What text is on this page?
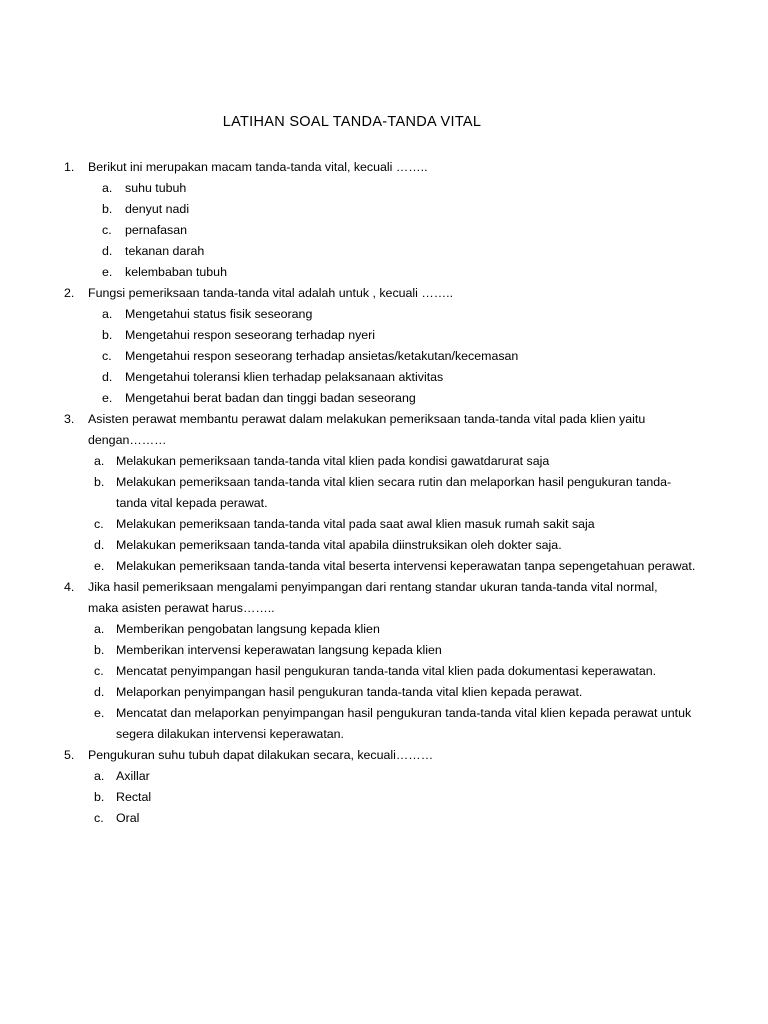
LATIHAN SOAL TANDA-TANDA VITAL
1. Berikut ini merupakan macam tanda-tanda vital, kecuali ……..
a. suhu tubuh
b. denyut nadi
c. pernafasan
d. tekanan darah
e. kelembaban tubuh
2. Fungsi pemeriksaan tanda-tanda vital adalah untuk , kecuali ……..
a. Mengetahui status fisik seseorang
b. Mengetahui respon seseorang terhadap nyeri
c. Mengetahui respon seseorang terhadap ansietas/ketakutan/kecemasan
d. Mengetahui toleransi klien terhadap pelaksanaan aktivitas
e. Mengetahui berat badan dan tinggi badan seseorang
3. Asisten perawat membantu perawat dalam melakukan pemeriksaan tanda-tanda vital pada klien yaitu dengan………
a. Melakukan pemeriksaan tanda-tanda vital klien pada kondisi gawatdarurat saja
b. Melakukan pemeriksaan tanda-tanda vital klien secara rutin dan melaporkan hasil pengukuran tanda-tanda vital kepada perawat.
c. Melakukan pemeriksaan tanda-tanda vital pada saat awal klien masuk rumah sakit saja
d. Melakukan pemeriksaan tanda-tanda vital apabila diinstruksikan oleh dokter saja.
e. Melakukan pemeriksaan tanda-tanda vital beserta intervensi keperawatan tanpa sepengetahuan perawat.
4. Jika hasil pemeriksaan mengalami penyimpangan dari rentang standar ukuran tanda-tanda vital normal, maka asisten perawat harus……..
a. Memberikan pengobatan langsung kepada klien
b. Memberikan intervensi keperawatan langsung kepada klien
c. Mencatat penyimpangan hasil pengukuran tanda-tanda vital klien pada dokumentasi keperawatan.
d. Melaporkan penyimpangan hasil pengukuran tanda-tanda vital klien kepada perawat.
e. Mencatat dan melaporkan penyimpangan hasil pengukuran tanda-tanda vital klien kepada perawat untuk segera dilakukan intervensi keperawatan.
5. Pengukuran suhu tubuh dapat dilakukan secara, kecuali………
a. Axillar
b. Rectal
c. Oral
